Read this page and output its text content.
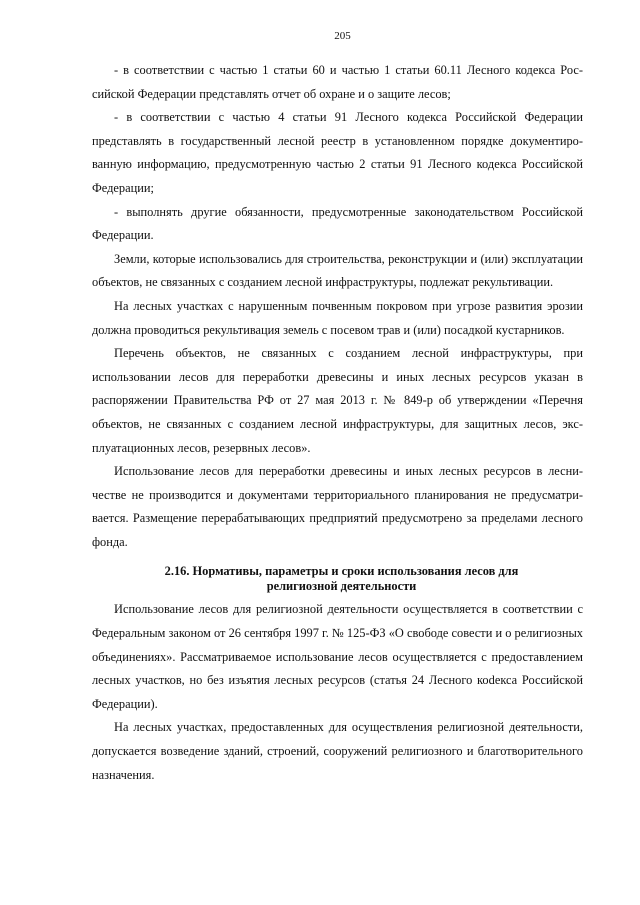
205

- в соответствии с частью 1 статьи 60 и частью 1 статьи 60.11 Лесного кодекса Российской Федерации представлять отчет об охране и о защите лесов;

- в соответствии с частью 4 статьи 91 Лесного кодекса Российской Федерации представлять в государственный лесной реестр в установленном порядке документированную информацию, предусмотренную частью 2 статьи 91 Лесного кодекса Российской Федерации;

- выполнять другие обязанности, предусмотренные законодательством Российской Федерации.

Земли, которые использовались для строительства, реконструкции и (или) эксплуатации объектов, не связанных с созданием лесной инфраструктуры, подлежат рекультивации.

На лесных участках с нарушенным почвенным покровом при угрозе развития эрозии должна проводиться рекультивация земель с посевом трав и (или) посадкой кустарников.

Перечень объектов, не связанных с созданием лесной инфраструктуры, при использовании лесов для переработки древесины и иных лесных ресурсов указан в распоряжении Правительства РФ от 27 мая 2013 г. № 849-р об утверждении «Перечня объектов, не связанных с созданием лесной инфраструктуры, для защитных лесов, эксплуатационных лесов, резервных лесов».

Использование лесов для переработки древесины и иных лесных ресурсов в лесничестве не производится и документами территориального планирования не предусматривается. Размещение перерабатывающих предприятий предусмотрено за пределами лесного фонда.

2.16. Нормативы, параметры и сроки использования лесов для
религиозной деятельности

Использование лесов для религиозной деятельности осуществляется в соответствии с Федеральным законом от 26 сентября 1997 г. № 125-ФЗ «О свободе совести и о религиозных объединениях». Рассматриваемое использование лесов осуществляется с предоставлением лесных участков, но без изъятия лесных ресурсов (статья 24 Лесного коdекса Российской Федерации).

На лесных участках, предоставленных для осуществления религиозной деятельности, допускается возведение зданий, строений, сооружений религиозного и благотворительного назначения.
